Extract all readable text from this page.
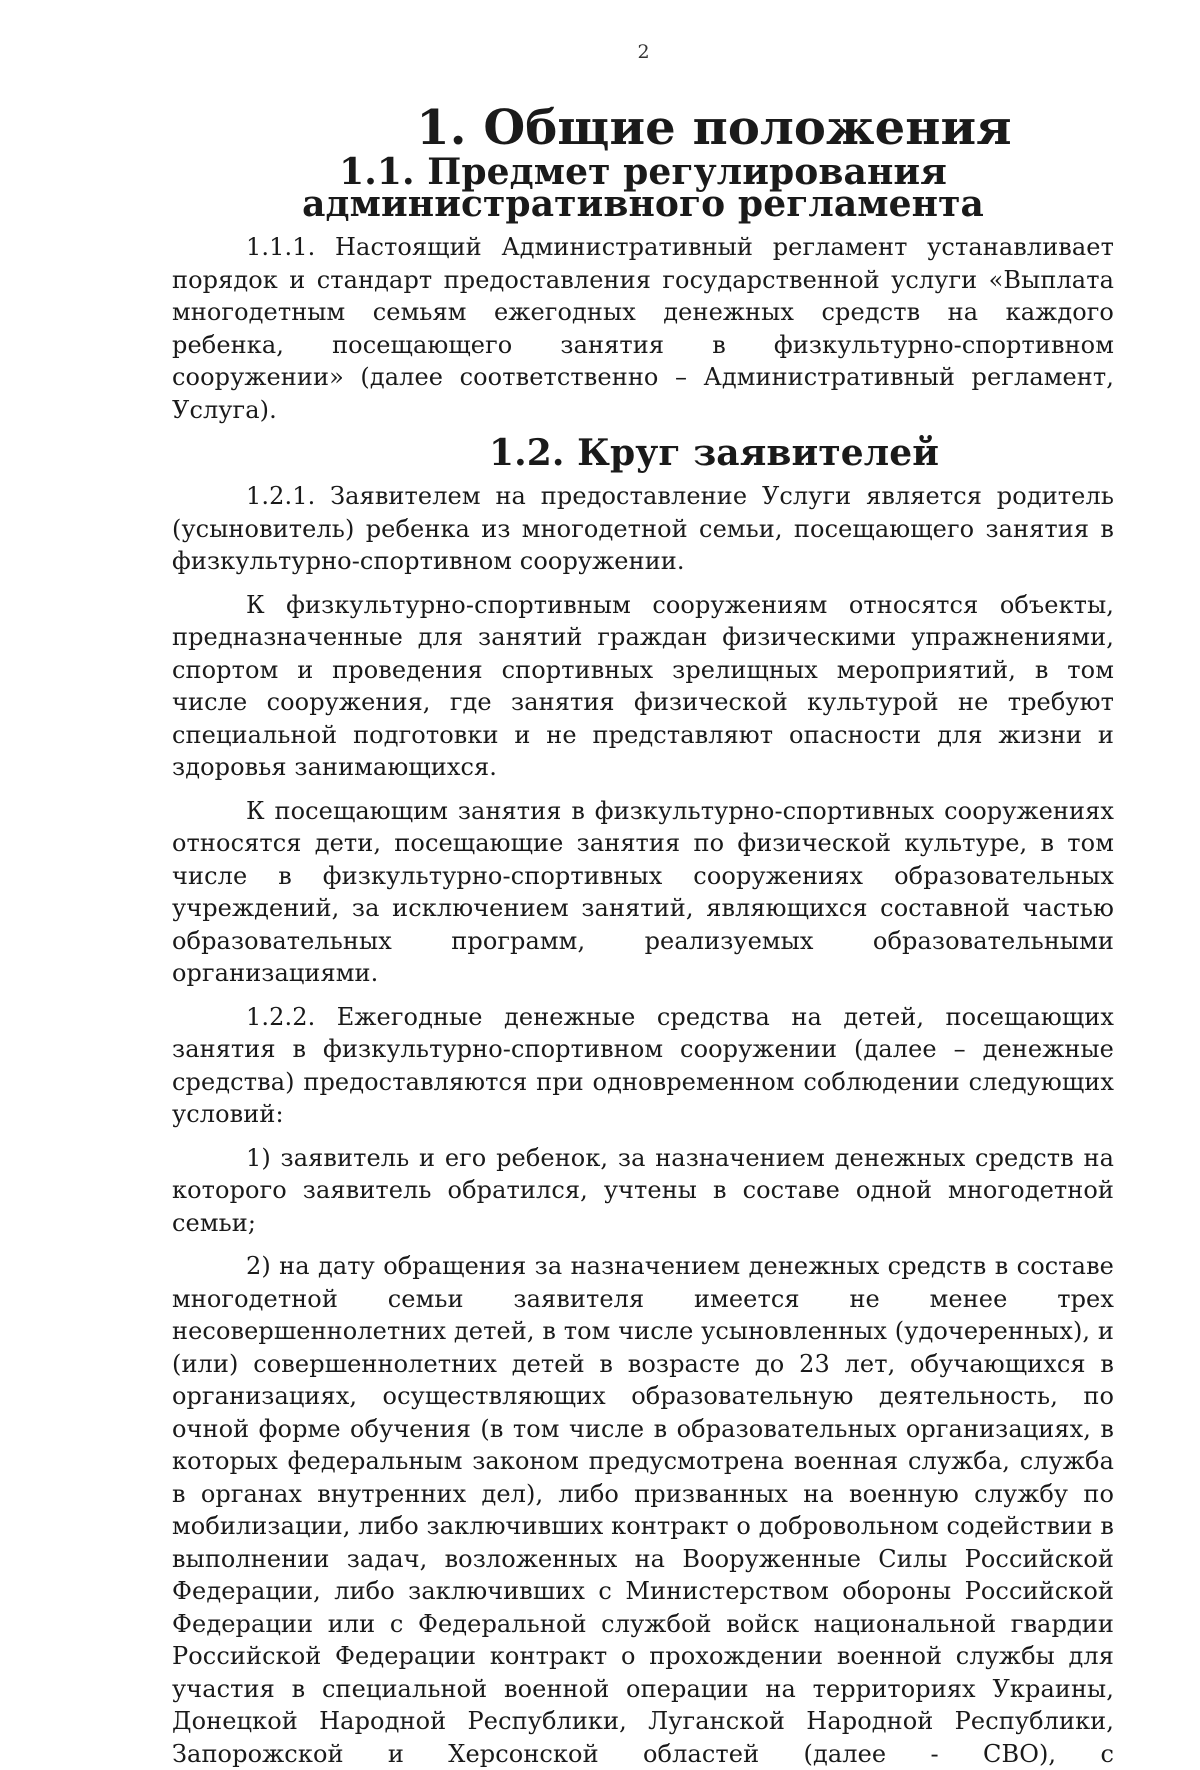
2
1. Общие положения
1.1. Предмет регулирования административного регламента

1.1.1. Настоящий Административный регламент устанавливает порядок и стандарт предоставления государственной услуги «Выплата многодетным семьям ежегодных денежных средств на каждого ребенка, посещающего занятия в физкультурно-спортивном сооружении» (далее соответственно – Административный регламент, Услуга).

1.2. Круг заявителей

1.2.1. Заявителем на предоставление Услуги является родитель (усыновитель) ребенка из многодетной семьи, посещающего занятия в физкультурно-спортивном сооружении.

К физкультурно-спортивным сооружениям относятся объекты, предназначенные для занятий граждан физическими упражнениями, спортом и проведения спортивных зрелищных мероприятий, в том числе сооружения, где занятия физической культурой не требуют специальной подготовки и не представляют опасности для жизни и здоровья занимающихся.

К посещающим занятия в физкультурно-спортивных сооружениях относятся дети, посещающие занятия по физической культуре, в том числе в физкультурно-спортивных сооружениях образовательных учреждений, за исключением занятий, являющихся составной частью образовательных программ, реализуемых образовательными организациями.

1.2.2. Ежегодные денежные средства на детей, посещающих занятия в физкультурно-спортивном сооружении (далее – денежные средства) предоставляются при одновременном соблюдении следующих условий:

1) заявитель и его ребенок, за назначением денежных средств на которого заявитель обратился, учтены в составе одной многодетной семьи;

2) на дату обращения за назначением денежных средств в составе многодетной семьи заявителя имеется не менее трех несовершеннолетних детей, в том числе усыновленных (удочеренных), и (или) совершеннолетних детей в возрасте до 23 лет, обучающихся в организациях, осуществляющих образовательную деятельность, по очной форме обучения (в том числе в образовательных организациях, в которых федеральным законом предусмотрена военная служба, служба в органах внутренних дел), либо призванных на военную службу по мобилизации, либо заключивших контракт о добровольном содействии в выполнении задач, возложенных на Вооруженные Силы Российской Федерации, либо заключивших с Министерством обороны Российской Федерации или с Федеральной службой войск национальной гвардии Российской Федерации контракт о прохождении военной службы для участия в специальной военной операции на территориях Украины, Донецкой Народной Республики, Луганской Народной Республики, Запорожской и Херсонской областей (далее - СВО), с
